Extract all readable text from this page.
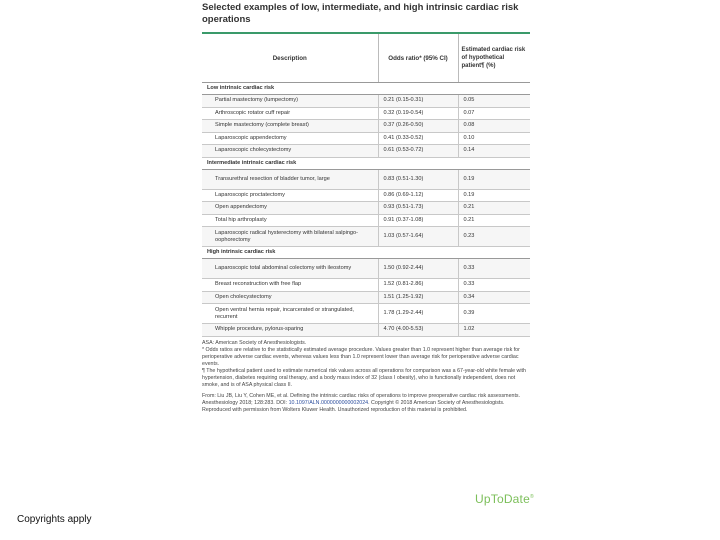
Selected examples of low, intermediate, and high intrinsic cardiac risk operations
Description	Odds ratio* (95% CI)	Estimated cardiac risk of hypothetical patient¶ (%)
Low intrinsic cardiac risk		
Partial mastectomy (lumpectomy)	0.21 (0.15-0.31)	0.05
Arthroscopic rotator cuff repair	0.32 (0.19-0.54)	0.07
Simple mastectomy (complete breast)	0.37 (0.26-0.50)	0.08
Laparoscopic appendectomy	0.41 (0.33-0.52)	0.10
Laparoscopic cholecystectomy	0.61 (0.53-0.72)	0.14
Intermediate intrinsic cardiac risk		
Transurethral resection of bladder tumor, large	0.83 (0.51-1.30)	0.19
Laparoscopic proctatectomy	0.86 (0.69-1.12)	0.19
Open appendectomy	0.93 (0.51-1.73)	0.21
Total hip arthroplasty	0.91 (0.37-1.08)	0.21
Laparoscopic radical hysterectomy with bilateral salpingo-oophorectomy	1.03 (0.57-1.64)	0.23
High intrinsic cardiac risk		
Laparoscopic total abdominal colectomy with ileostomy	1.50 (0.92-2.44)	0.33
Breast reconstruction with free flap	1.52 (0.81-2.86)	0.33
Open cholecystectomy	1.51 (1.25-1.92)	0.34
Open ventral hernia repair, incarcerated or strangulated, recurrent	1.78 (1.29-2.44)	0.39
Whipple procedure, pylorus-sparing	4.70 (4.00-5.53)	1.02

ASA: American Society of Anesthesiologists.

* Odds ratios are relative to the statistically estimated average procedure. Values greater than 1.0 represent higher than average risk for perioperative adverse cardiac events, whereas values less than 1.0 represent lower than average risk for perioperative adverse cardiac events.

¶ The hypothetical patient used to estimate numerical risk values across all operations for comparison was a 67-year-old white female with hypertension, diabetes requiring oral therapy, and a body mass index of 32 (class I obesity), who is functionally independent, does not smoke, and is of ASA physical class II.

From: Liu JB, Liu Y, Cohen ME, et al. Defining the intrinsic cardiac risks of operations to improve preoperative cardiac risk assessments. Anesthesiology 2018; 128:283. DOI: 10.1097/ALN.0000000000002024. Copyright © 2018 American Society of Anesthesiologists. Reproduced with permission from Wolters Kluwer Health. Unauthorized reproduction of this material is prohibited.

UpToDate®
Copyrights apply
